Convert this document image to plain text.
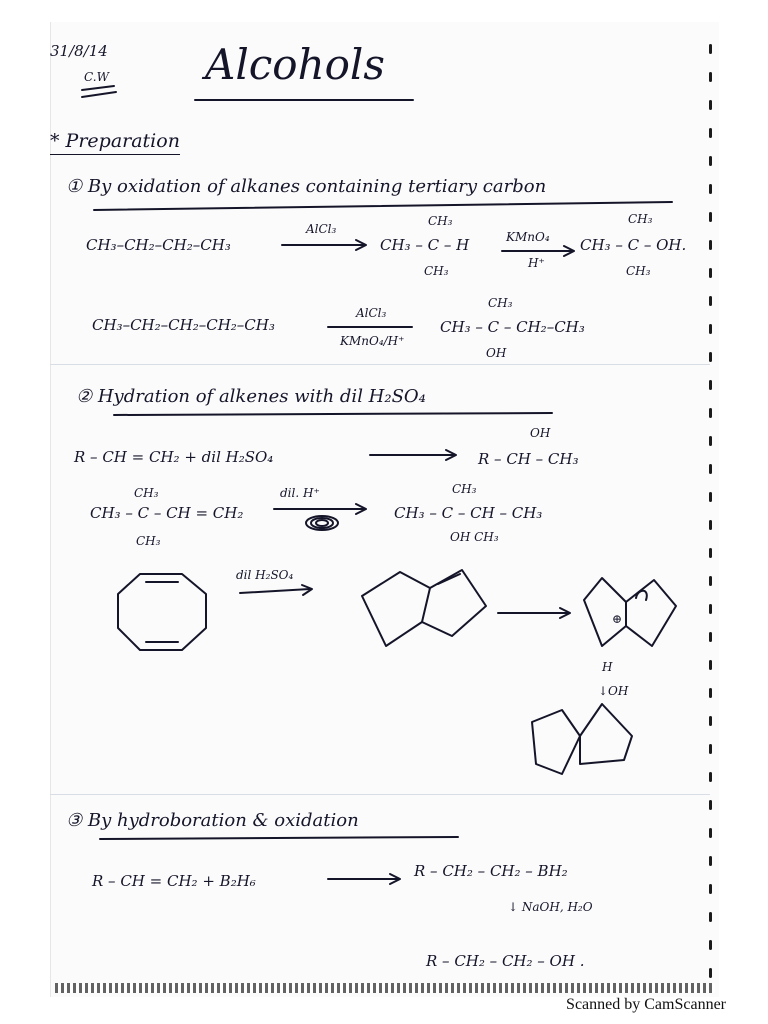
31/8/14
C.W Alcohols
* Preparation
① By oxidation of alkanes containing tertiary carbon
CH₃–CH₂–CH₂–CH₃
AlCl₃
CH₃
CH₃ – C – H
CH₃
KMnO₄
H⁺
CH₃
CH₃ – C – OH.
CH₃
CH₃–CH₂–CH₂–CH₂–CH₃
AlCl₃
KMnO₄/H⁺
CH₃
CH₃ – C – CH₂–CH₃
OH
② Hydration of alkenes with dil H₂SO₄
R – CH = CH₂ + dil H₂SO₄
OH
R – CH – CH₃
CH₃
CH₃ – C – CH = CH₂
CH₃
dil. H⁺	CH₃
CH₃ – C – CH – CH₃
OH CH₃
dil H₂SO₄
⊕
H
↓OH
③ By hydroboration & oxidation
R – CH = CH₂ + B₂H₆
R – CH₂ – CH₂ – BH₂
↓ NaOH, H₂O
R – CH₂ – CH₂ – OH .
Scanned by CamScanner
